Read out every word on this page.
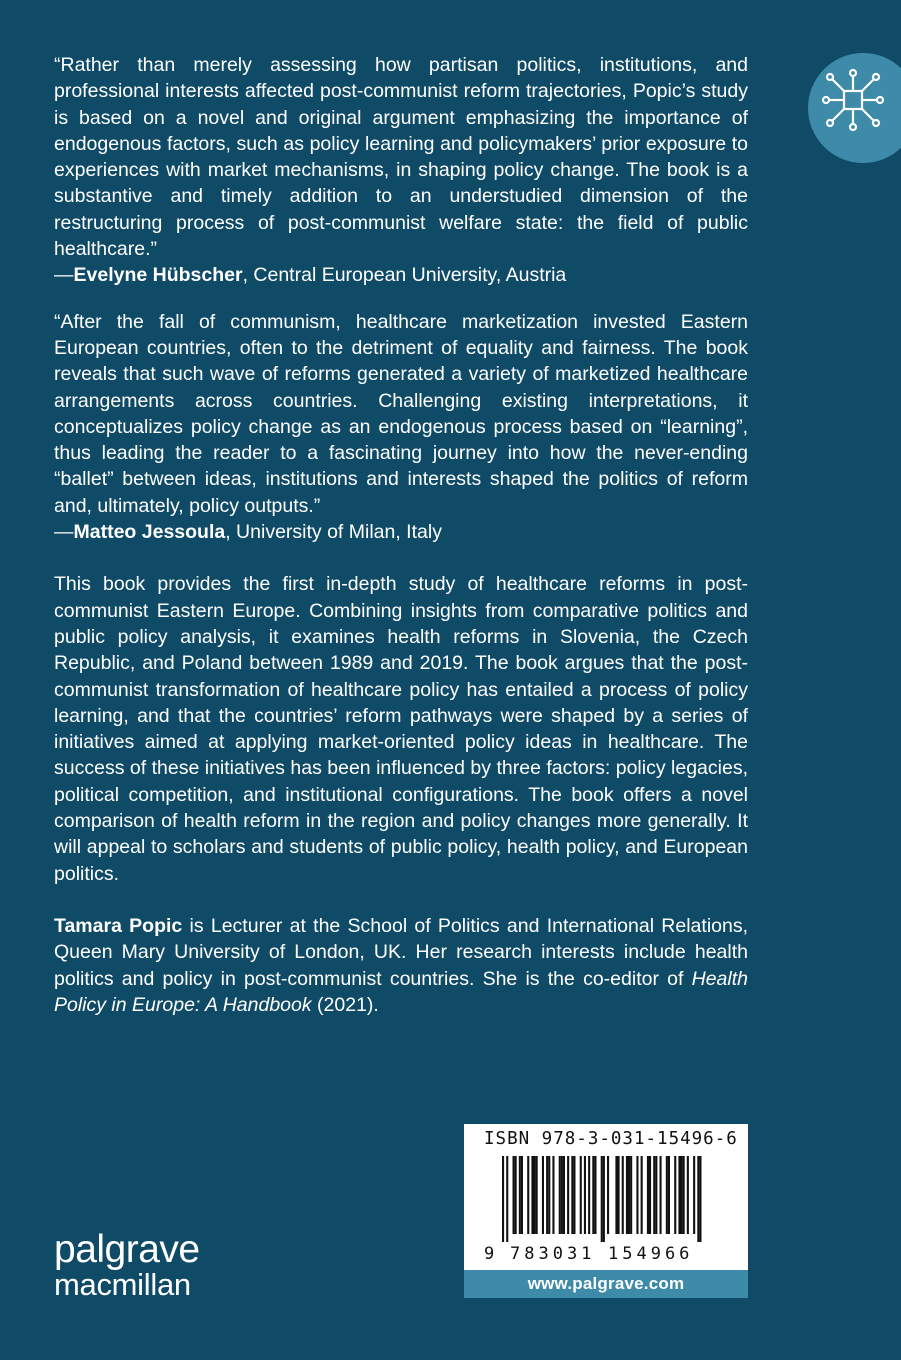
“Rather than merely assessing how partisan politics, institutions, and professional interests affected post-communist reform trajectories, Popic’s study is based on a novel and original argument emphasizing the importance of endogenous factors, such as policy learning and policymakers’ prior exposure to experiences with market mechanisms, in shaping policy change. The book is a substantive and timely addition to an understudied dimension of the restructuring process of post-communist welfare state: the field of public healthcare.”

—Evelyne Hübscher, Central European University, Austria

“After the fall of communism, healthcare marketization invested Eastern European countries, often to the detriment of equality and fairness. The book reveals that such wave of reforms generated a variety of marketized healthcare arrangements across countries. Challenging existing interpretations, it conceptualizes policy change as an endogenous process based on “learning”, thus leading the reader to a fascinating journey into how the never-ending “ballet” between ideas, institutions and interests shaped the politics of reform and, ultimately, policy outputs.”

—Matteo Jessoula, University of Milan, Italy

This book provides the first in-depth study of healthcare reforms in post-communist Eastern Europe. Combining insights from comparative politics and public policy analysis, it examines health reforms in Slovenia, the Czech Republic, and Poland between 1989 and 2019. The book argues that the post-communist transformation of healthcare policy has entailed a process of policy learning, and that the countries’ reform pathways were shaped by a series of initiatives aimed at applying market-oriented policy ideas in healthcare. The success of these initiatives has been influenced by three factors: policy legacies, political competition, and institutional configurations. The book offers a novel comparison of health reform in the region and policy changes more generally. It will appeal to scholars and students of public policy, health policy, and European politics.

Tamara Popic is Lecturer at the School of Politics and International Relations, Queen Mary University of London, UK. Her research interests include health politics and policy in post-communist countries. She is the co-editor of Health Policy in Europe: A Handbook (2021).

palgrave
macmillan
ISBN 978-3-031-15496-6
9 783031 154966
www.palgrave.com
